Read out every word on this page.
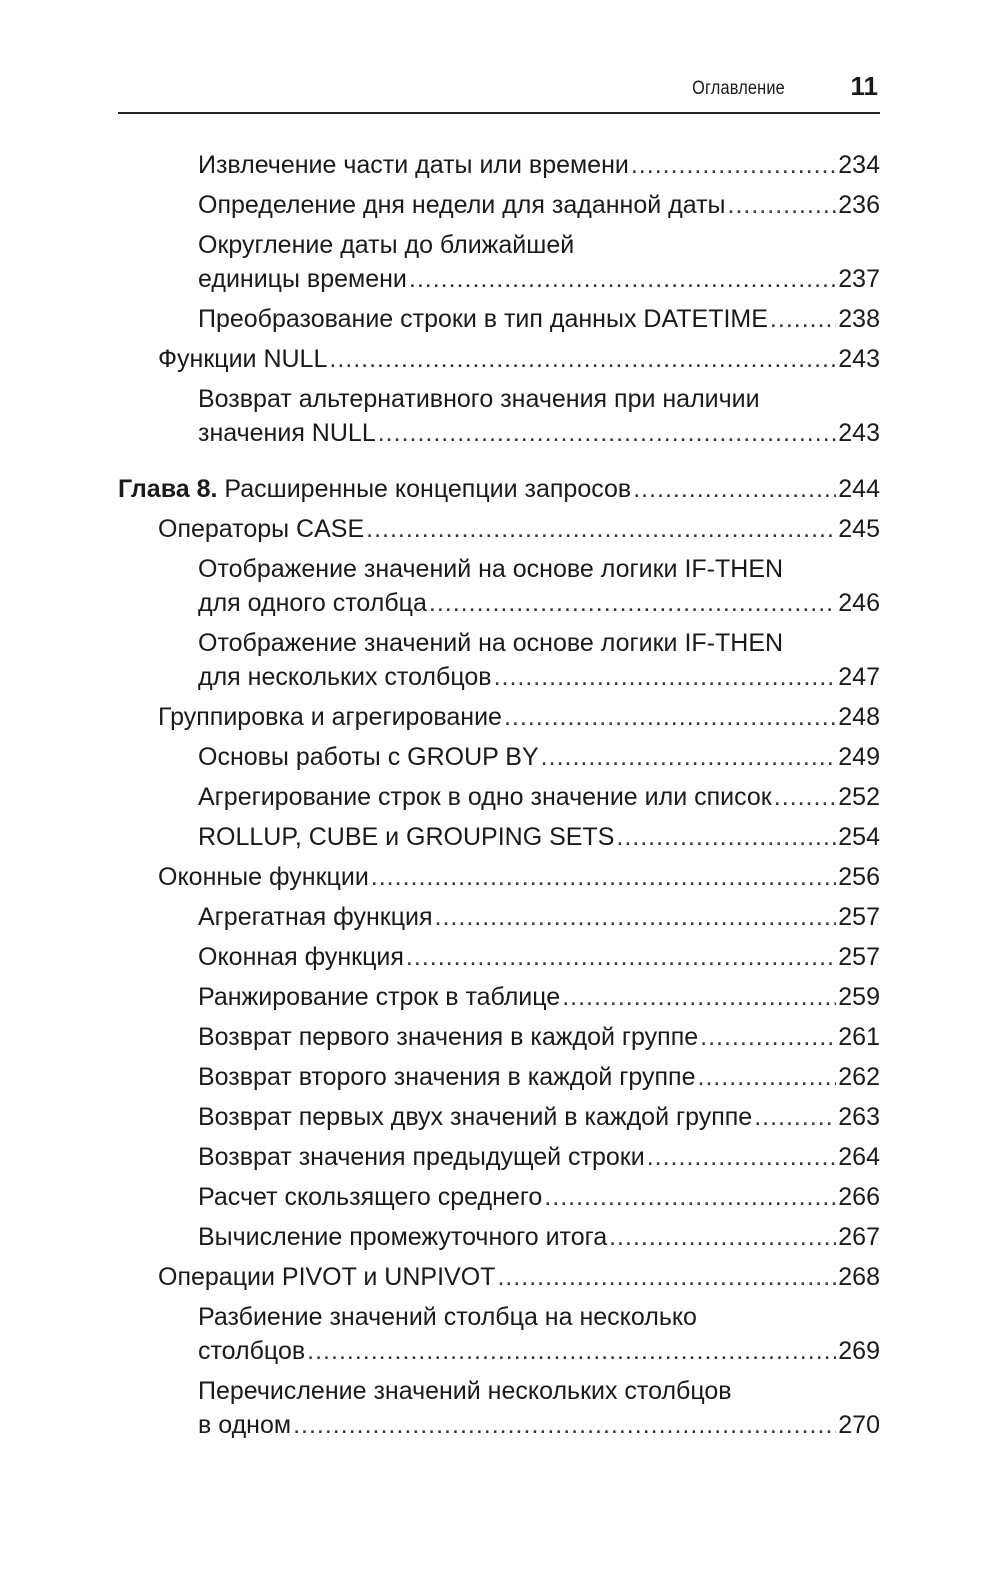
Оглавление	11
Извлечение части даты или времени .....	234
Определение дня недели для заданной даты .....	236
Округление даты до ближайшей
единицы времени .....	237
Преобразование строки в тип данных DATETIME .....	238
Функции NULL .....	243
Возврат альтернативного значения при наличии
значения NULL .....	243
Глава 8. Расширенные концепции запросов .....	244
Операторы CASE .....	245
Отображение значений на основе логики IF-THEN
для одного столбца .....	246
Отображение значений на основе логики IF-THEN
для нескольких столбцов .....	247
Группировка и агрегирование .....	248
Основы работы с GROUP BY .....	249
Агрегирование строк в одно значение или список .....	252
ROLLUP, CUBE и GROUPING SETS .....	254
Оконные функции .....	256
Агрегатная функция .....	257
Оконная функция .....	257
Ранжирование строк в таблице .....	259
Возврат первого значения в каждой группе .....	261
Возврат второго значения в каждой группе .....	262
Возврат первых двух значений в каждой группе .....	263
Возврат значения предыдущей строки .....	264
Расчет скользящего среднего .....	266
Вычисление промежуточного итога .....	267
Операции PIVOT и UNPIVOT .....	268
Разбиение значений столбца на несколько
столбцов .....	269
Перечисление значений нескольких столбцов
в одном .....	270
